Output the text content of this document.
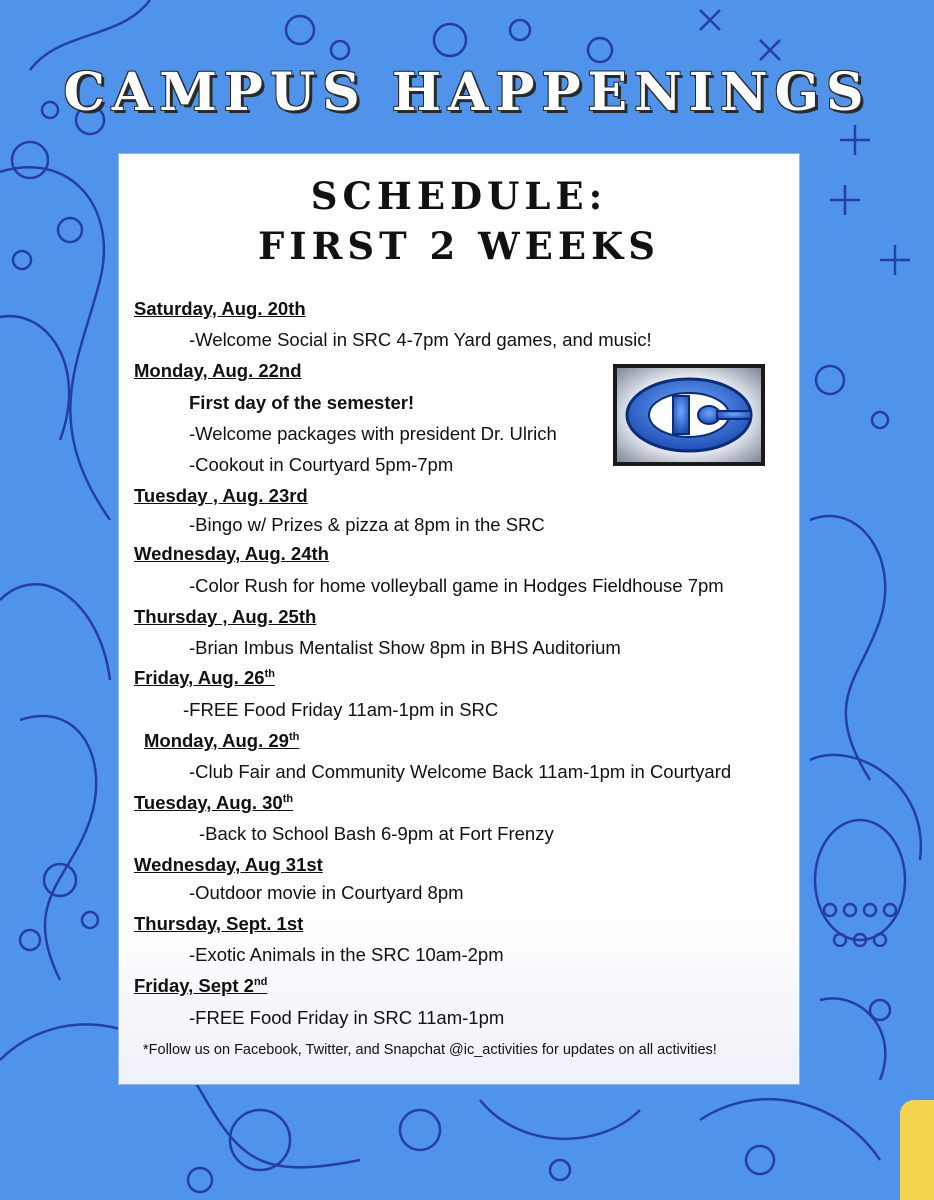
CAMPUS HAPPENINGS
SCHEDULE:
FIRST 2 WEEKS
Saturday, Aug. 20th
-Welcome Social in SRC 4-7pm Yard games, and music!
Monday, Aug. 22nd
First day of the semester!
-Welcome packages with president Dr. Ulrich
-Cookout in Courtyard 5pm-7pm
Tuesday , Aug. 23rd
-Bingo w/ Prizes & pizza at 8pm in the SRC
Wednesday, Aug. 24th
-Color Rush for home volleyball game in Hodges Fieldhouse 7pm
Thursday , Aug. 25th
-Brian Imbus Mentalist Show 8pm in BHS Auditorium
Friday, Aug. 26th
-FREE Food Friday 11am-1pm in SRC
Monday, Aug. 29th
-Club Fair and Community Welcome Back 11am-1pm in Courtyard
Tuesday, Aug. 30th
-Back to School Bash 6-9pm at Fort Frenzy
Wednesday, Aug 31st
-Outdoor movie in Courtyard 8pm
Thursday, Sept. 1st
-Exotic Animals in the SRC 10am-2pm
Friday, Sept 2nd
-FREE Food Friday in SRC 11am-1pm
*Follow us on Facebook, Twitter, and Snapchat @ic_activities for updates on all activities!
